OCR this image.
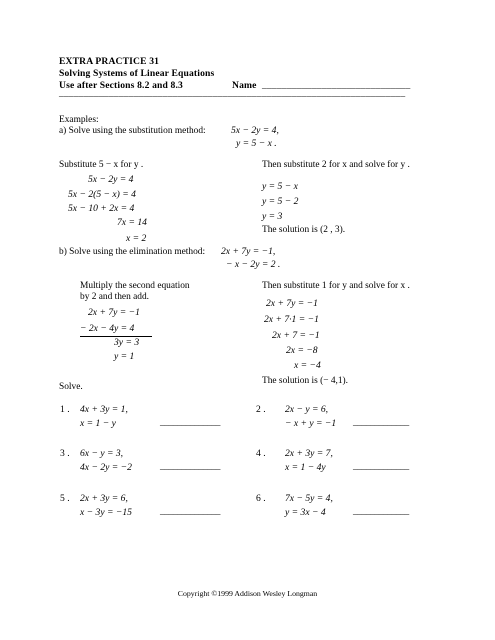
EXTRA PRACTICE 31
Solving Systems of Linear Equations
Use after Sections 8.2 and 8.3	Name ______________________________
______________________________________________________________________
Examples:
a) Solve using the substitution method:	5x − 2y = 4,
y = 5 − x .
Substitute 5 − x for y .
5x − 2y = 4
5x − 2(5 − x) = 4
5x − 10 + 2x = 4
7x = 14
x = 2
Then substitute 2 for x and solve for y .
y = 5 − x
y = 5 − 2
y = 3
The solution is (2 , 3).
b) Solve using the elimination method: 2x + 7y = −1,
− x − 2y = 2 .
Multiply the second equation
by 2 and then add.
2x + 7y = −1
− 2x − 4y = 4
3y = 3
y = 1
Then substitute 1 for y and solve for x .
2x + 7y = −1
2x + 7·1 = −1
2x + 7 = −1
2x = −8
x = −4
The solution is (− 4,1).
Solve.
1 . 4x + 3y = 1,
x = 1 − y	______________
2 . 2x − y = 6,
− x + y = −1 _____________
3 . 6x − y = 3,
4x − 2y = −2	______________
4 . 2x + 3y = 7,
x = 1 − 4y	_____________
5 . 2x + 3y = 6,
x − 3y = −15	______________
6 . 7x − 5y = 4,
y = 3x − 4	_____________
Copyright ©1999 Addison Wesley Longman
